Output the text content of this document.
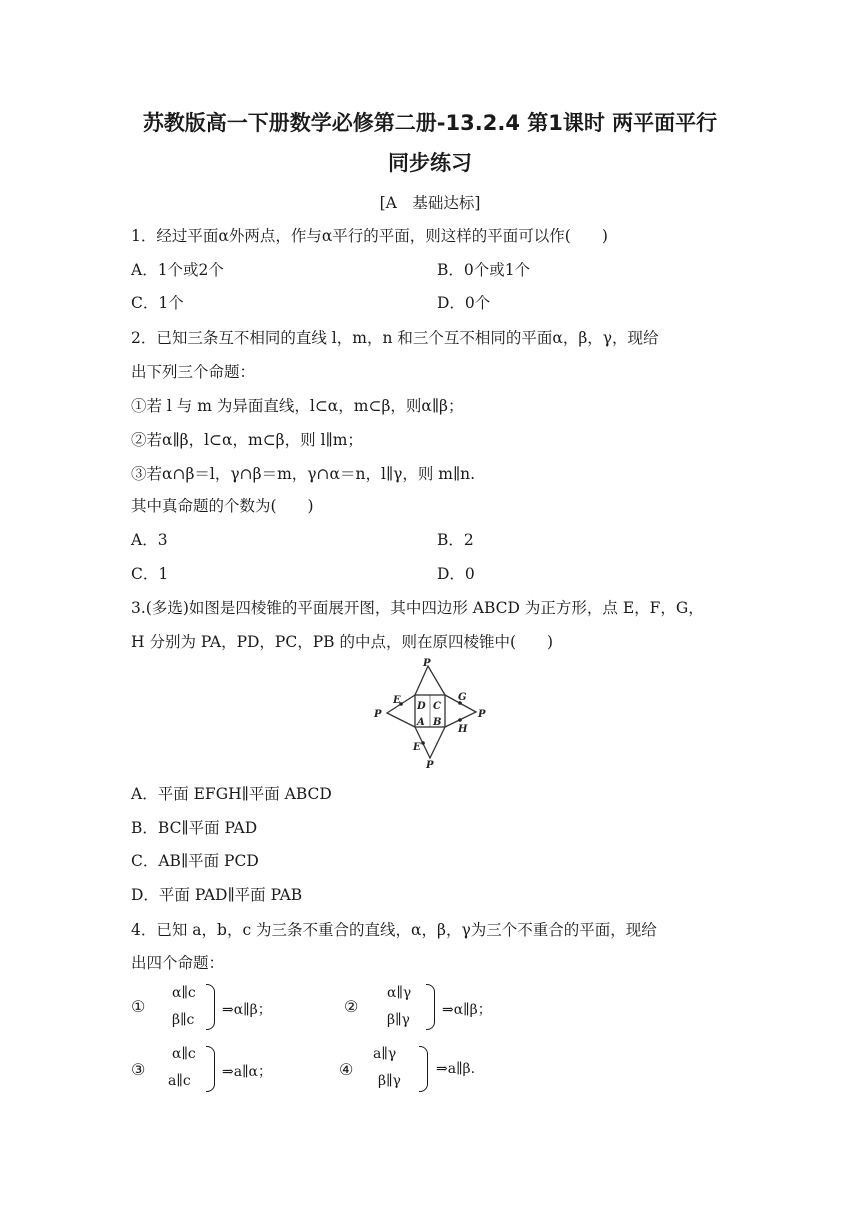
苏教版高一下册数学必修第二册-13.2.4 第1课时 两平面平行
同步练习
[A　基础达标]
1．经过平面α外两点，作与α平行的平面，则这样的平面可以作(　　)
A．1个或2个	B．0个或1个
C．1个	D．0个
2．已知三条互不相同的直线 l，m，n 和三个互不相同的平面α，β，γ，现给
出下列三个命题：
①若 l 与 m 为异面直线，l⊂α，m⊂β，则α∥β；
②若α∥β，l⊂α，m⊂β，则 l∥m；
③若α∩β＝l，γ∩β＝m，γ∩α＝n，l∥γ，则 m∥n.
其中真命题的个数为(　　)
A．3	B．2
C．1	D．0
3.(多选)如图是四棱锥的平面展开图，其中四边形 ABCD 为正方形，点 E，F，G，
H 分别为 PA，PD，PC，PB 的中点，则在原四棱锥中(　　)
P
P	P
P
E	G
H
E
D C
A B
A．平面 EFGH∥平面 ABCD
B．BC∥平面 PAD
C．AB∥平面 PCD
D．平面 PAD∥平面 PAB
4．已知 a，b，c 为三条不重合的直线，α，β，γ为三个不重合的平面，现给
出四个命题：
①
α∥c
β∥c
⇒α∥β；	②
α∥γ
β∥γ
⇒α∥β；
③
α∥c
a∥c
⇒a∥α；	④
a∥γ
β∥γ
⇒a∥β.
